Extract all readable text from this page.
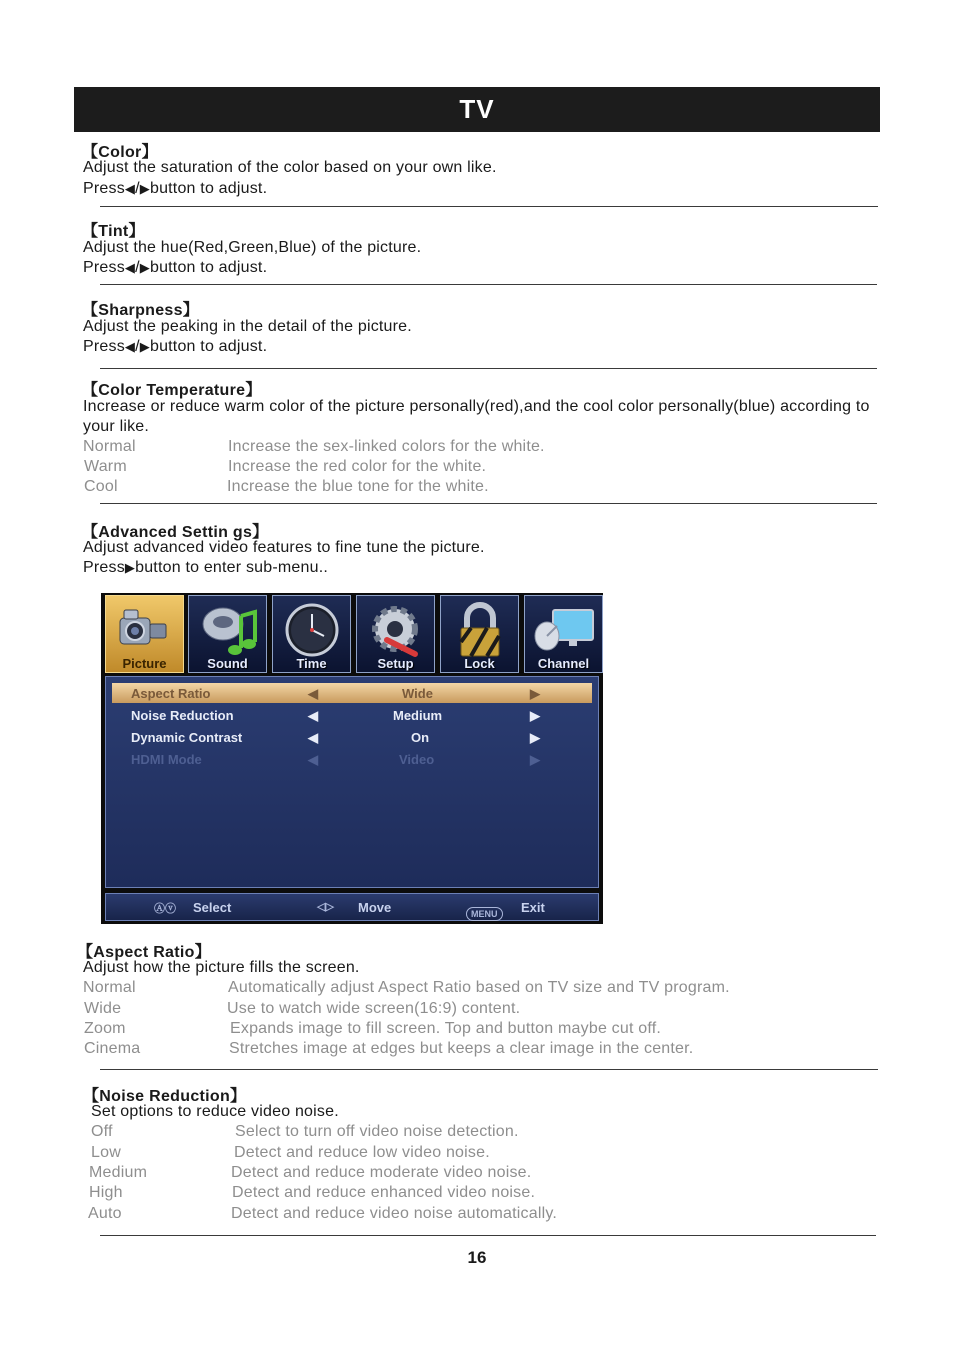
TV
【Color】
Adjust the saturation of the color based on your own like.
Press◀/▶button to adjust.
【Tint】
Adjust the hue(Red,Green,Blue) of the picture.
Press◀/▶button to adjust.
【Sharpness】
Adjust the peaking in the detail of the picture.
Press◀/▶button to adjust.
【Color Temperature】
Increase or reduce warm color of the picture personally(red),and the cool color personally(blue) according to your like.
Normal	Increase the sex-linked colors for the white.
Warm	Increase the red color for the white.
Cool	Increase the blue tone for the white.
【Advanced Settin gs】
Adjust advanced video features to fine tune the picture.
Press▶button to enter sub-menu..
Picture	Sound	Time	Setup	Lock	Channel
Aspect Ratio	◀	Wide	▶
Noise Reduction	◀	Medium	▶
Dynamic Contrast	◀	On	▶
HDMI Mode	◀	Video	▶
Ⓐⓥ Select	◁▷ Move	MENU	Exit
【Aspect Ratio】
Adjust how the picture fills the screen.
Normal	Automatically adjust Aspect Ratio based on TV size and TV program.
Wide	Use to watch wide screen(16:9) content.
Zoom	Expands image to fill screen. Top and button maybe cut off.
Cinema	Stretches image at edges but keeps a clear image in the center.
【Noise Reduction】
Set options to reduce video noise.
Off	Select to turn off video noise detection.
Low	Detect and reduce low video noise.
Medium	Detect and reduce moderate video noise.
High	Detect and reduce enhanced video noise.
Auto	Detect and reduce video noise automatically.
16
